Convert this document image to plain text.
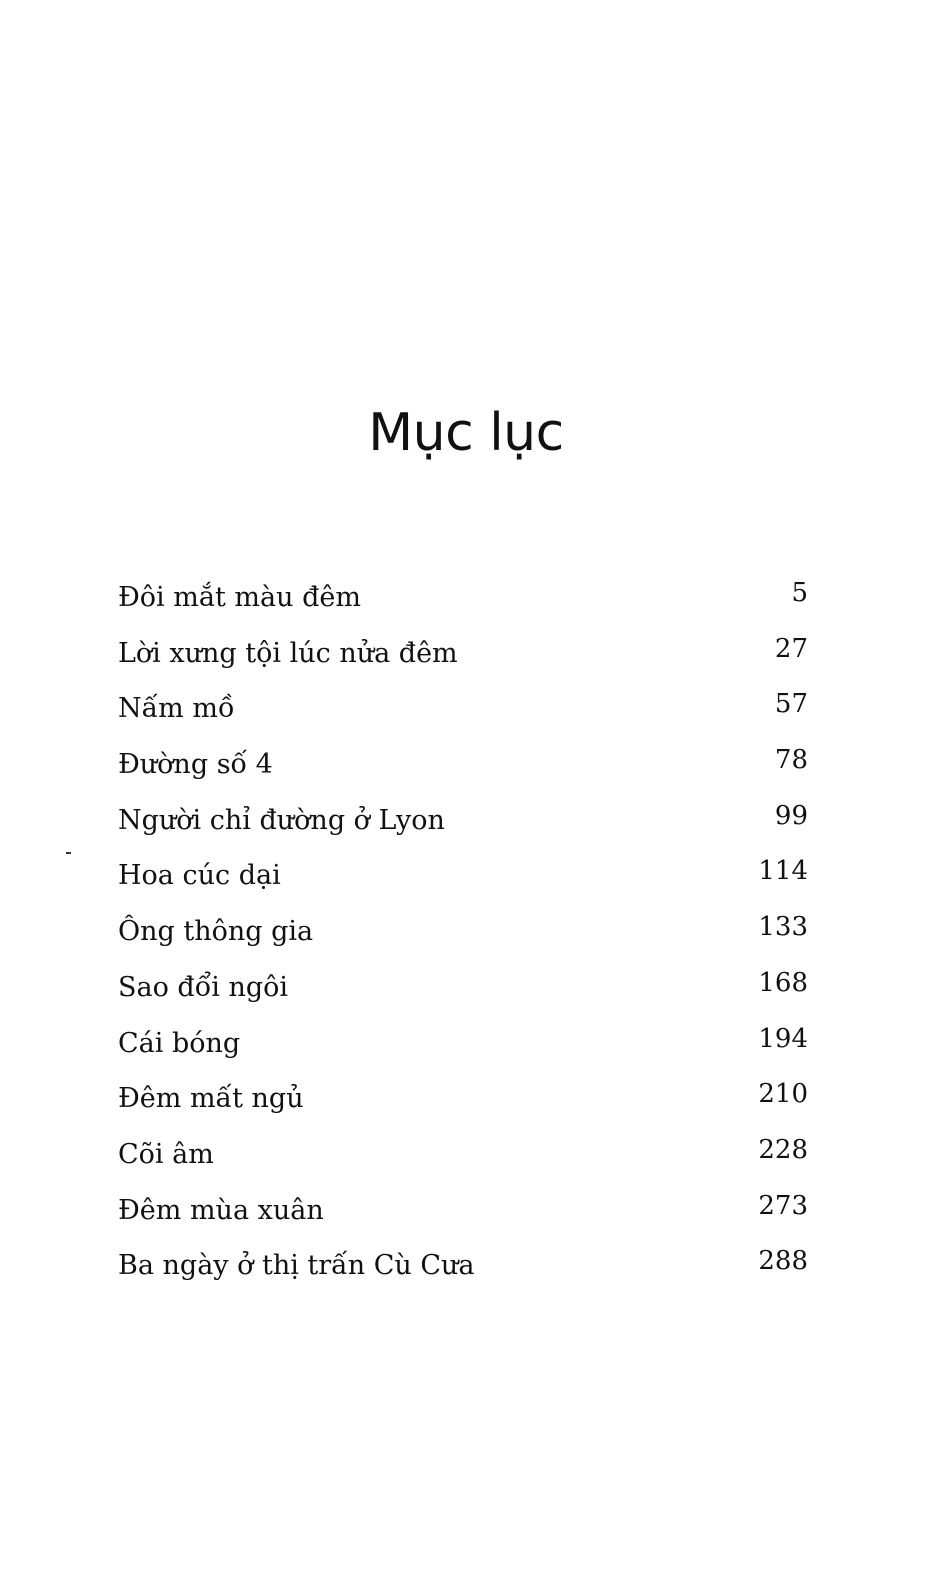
Mục lục
Đôi mắt màu đêm	5
Lời xưng tội lúc nửa đêm	27
Nấm mồ	57
Đường số 4	78
Người chỉ đường ở Lyon	99
Hoa cúc dại	114
Ông thông gia	133
Sao đổi ngôi	168
Cái bóng	194
Đêm mất ngủ	210
Cõi âm	228
Đêm mùa xuân	273
Ba ngày ở thị trấn Cù Cưa	288
